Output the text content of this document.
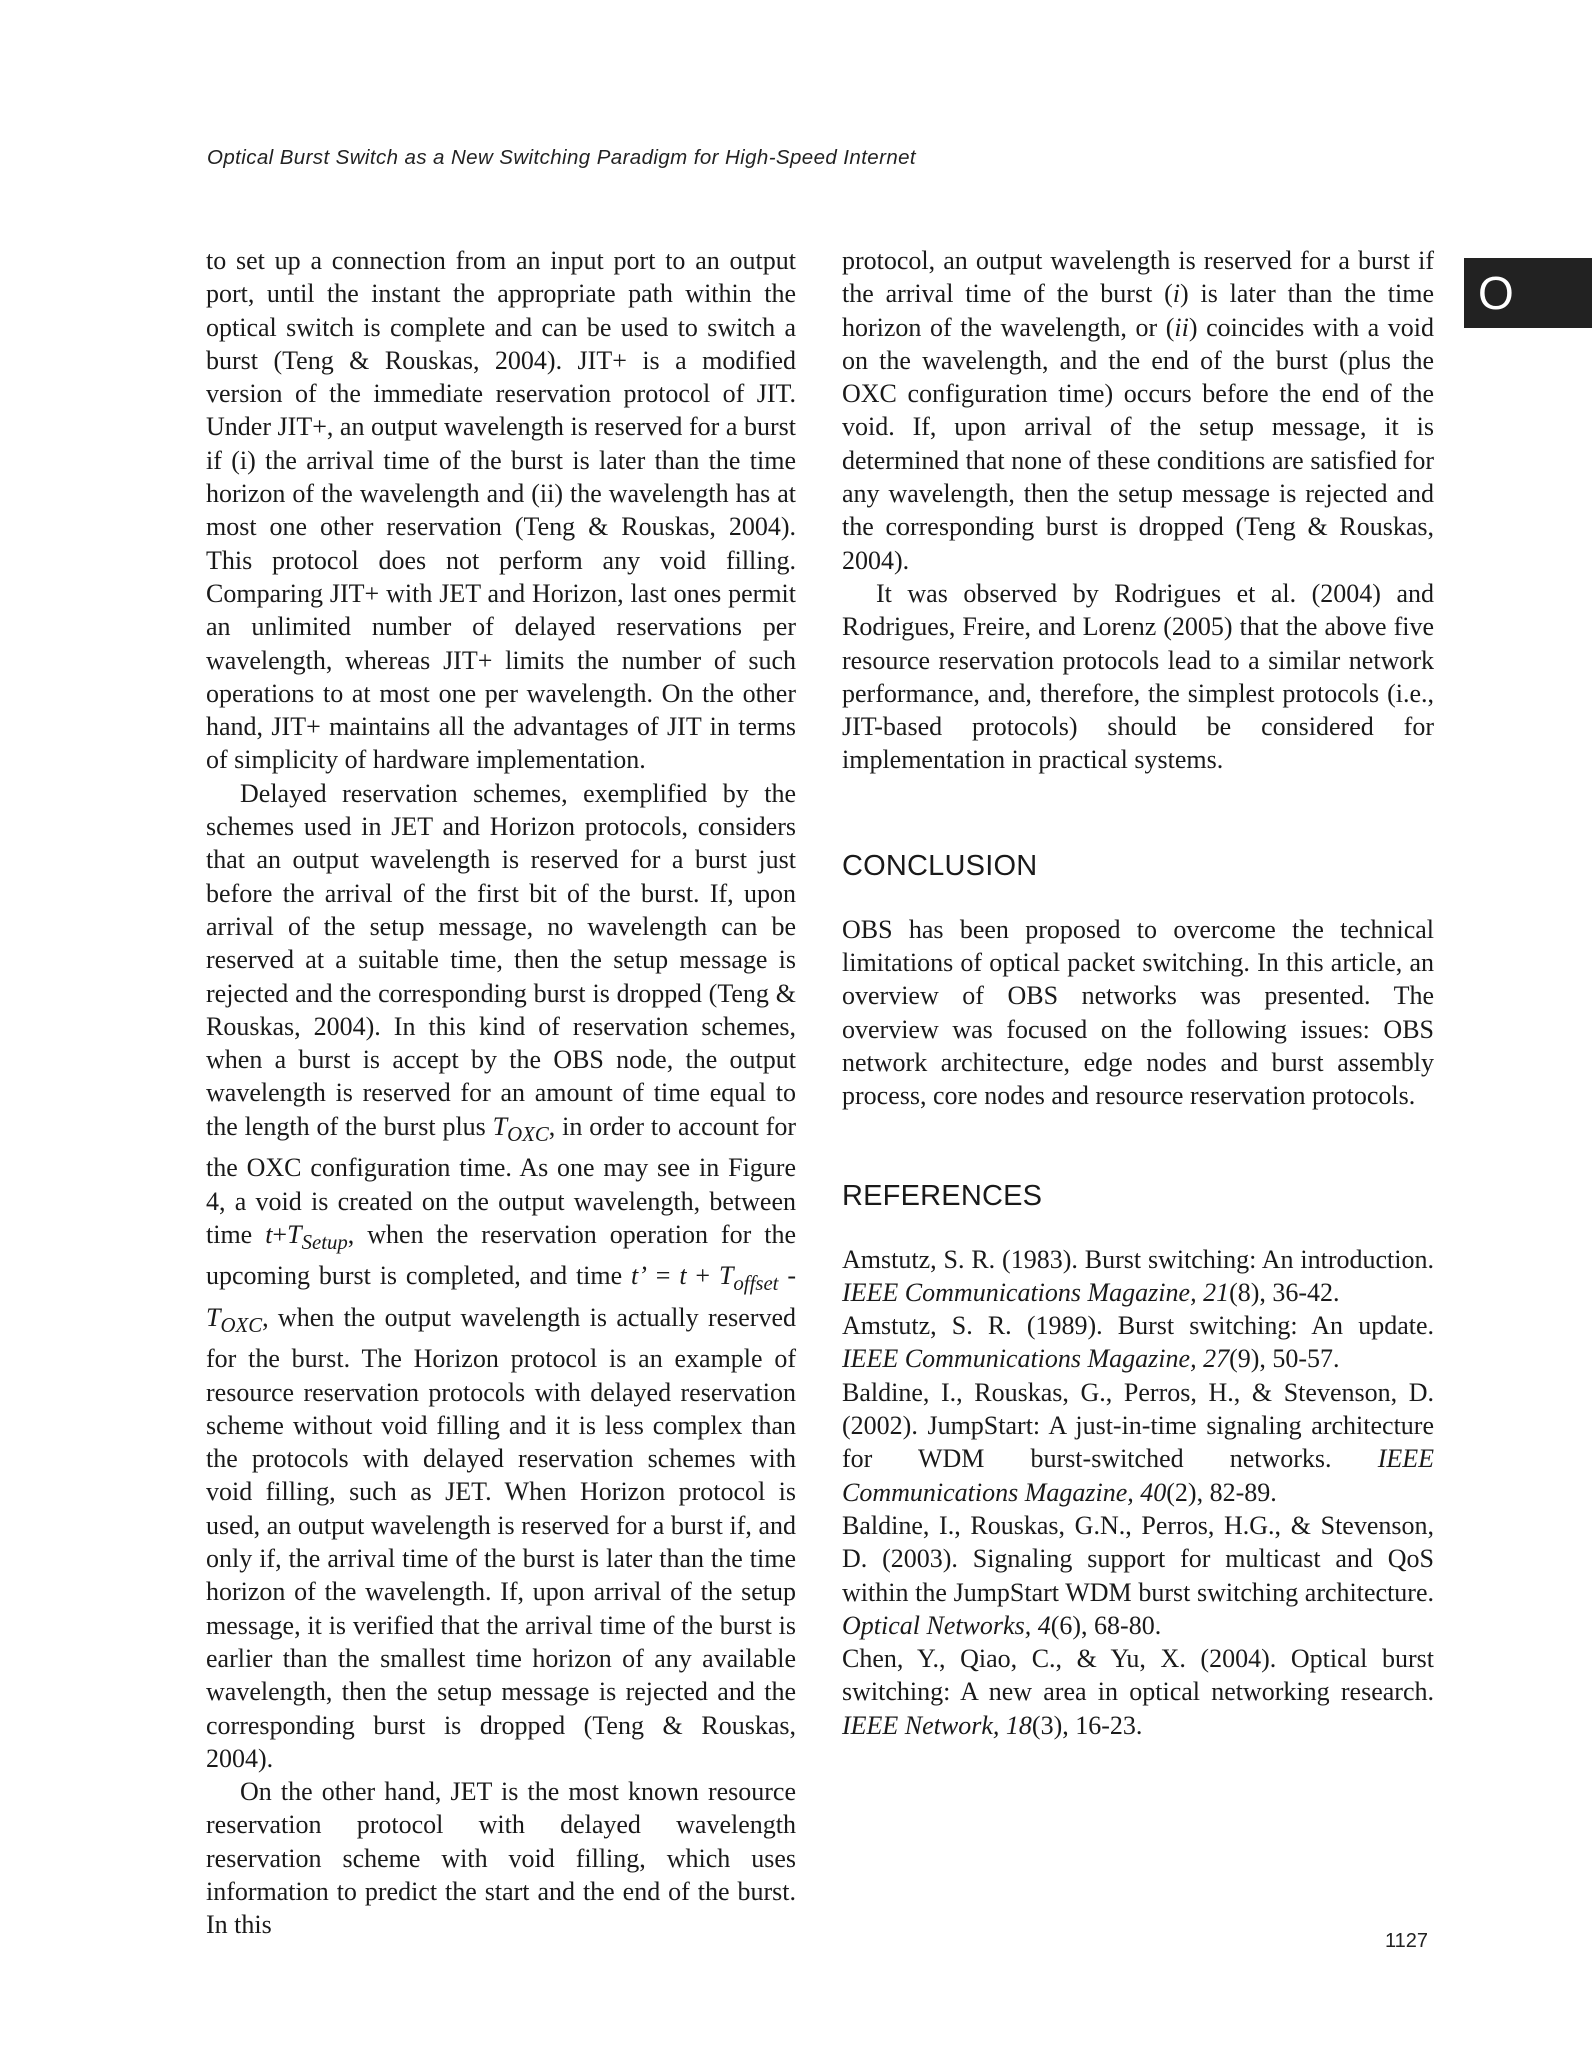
Optical Burst Switch as a New Switching Paradigm for High-Speed Internet
O

to set up a connection from an input port to an output port, until the instant the appropriate path within the optical switch is complete and can be used to switch a burst (Teng & Rouskas, 2004). JIT+ is a modified version of the immediate reservation protocol of JIT. Under JIT+, an output wavelength is reserved for a burst if (i) the arrival time of the burst is later than the time horizon of the wavelength and (ii) the wavelength has at most one other reservation (Teng & Rouskas, 2004). This protocol does not perform any void filling. Comparing JIT+ with JET and Horizon, last ones permit an unlimited number of delayed reservations per wavelength, whereas JIT+ limits the number of such operations to at most one per wavelength. On the other hand, JIT+ maintains all the advantages of JIT in terms of simplicity of hardware implementation.

Delayed reservation schemes, exemplified by the schemes used in JET and Horizon protocols, considers that an output wavelength is reserved for a burst just before the arrival of the first bit of the burst. If, upon arrival of the setup message, no wavelength can be reserved at a suitable time, then the setup message is rejected and the corresponding burst is dropped (Teng & Rouskas, 2004). In this kind of reservation schemes, when a burst is accept by the OBS node, the output wavelength is reserved for an amount of time equal to the length of the burst plus $T_{OXC}$, in order to account for the OXC configuration time. As one may see in Figure 4, a void is created on the output wavelength, between time $t+T_{Setup}$, when the reservation operation for the upcoming burst is completed, and time t’ = $t + T_{offset} - T_{OXC}$, when the output wavelength is actually reserved for the burst. The Horizon protocol is an example of resource reservation protocols with delayed reservation scheme without void filling and it is less complex than the protocols with delayed reservation schemes with void filling, such as JET. When Horizon protocol is used, an output wavelength is reserved for a burst if, and only if, the arrival time of the burst is later than the time horizon of the wavelength. If, upon arrival of the setup message, it is verified that the arrival time of the burst is earlier than the smallest time horizon of any available wavelength, then the setup message is rejected and the corresponding burst is dropped (Teng & Rouskas, 2004).

On the other hand, JET is the most known resource reservation protocol with delayed wavelength reservation scheme with void filling, which uses information to predict the start and the end of the burst. In this

protocol, an output wavelength is reserved for a burst if the arrival time of the burst (i) is later than the time horizon of the wavelength, or (ii) coincides with a void on the wavelength, and the end of the burst (plus the OXC configuration time) occurs before the end of the void. If, upon arrival of the setup message, it is determined that none of these conditions are satisfied for any wavelength, then the setup message is rejected and the corresponding burst is dropped (Teng & Rouskas, 2004).

It was observed by Rodrigues et al. (2004) and Rodrigues, Freire, and Lorenz (2005) that the above five resource reservation protocols lead to a similar network performance, and, therefore, the simplest protocols (i.e., JIT-based protocols) should be considered for implementation in practical systems.

CONCLUSION

OBS has been proposed to overcome the technical limitations of optical packet switching. In this article, an overview of OBS networks was presented. The overview was focused on the following issues: OBS network architecture, edge nodes and burst assembly process, core nodes and resource reservation protocols.

REFERENCES

Amstutz, S. R. (1983). Burst switching: An introduction. IEEE Communications Magazine, 21(8), 36-42.

Amstutz, S. R. (1989). Burst switching: An update. IEEE Communications Magazine, 27(9), 50-57.

Baldine, I., Rouskas, G., Perros, H., & Stevenson, D. (2002). JumpStart: A just-in-time signaling architecture for WDM burst-switched networks. IEEE Communications Magazine, 40(2), 82-89.

Baldine, I., Rouskas, G.N., Perros, H.G., & Stevenson, D. (2003). Signaling support for multicast and QoS within the JumpStart WDM burst switching architecture. Optical Networks, 4(6), 68-80.

Chen, Y., Qiao, C., & Yu, X. (2004). Optical burst switching: A new area in optical networking research. IEEE Network, 18(3), 16-23.

1127
